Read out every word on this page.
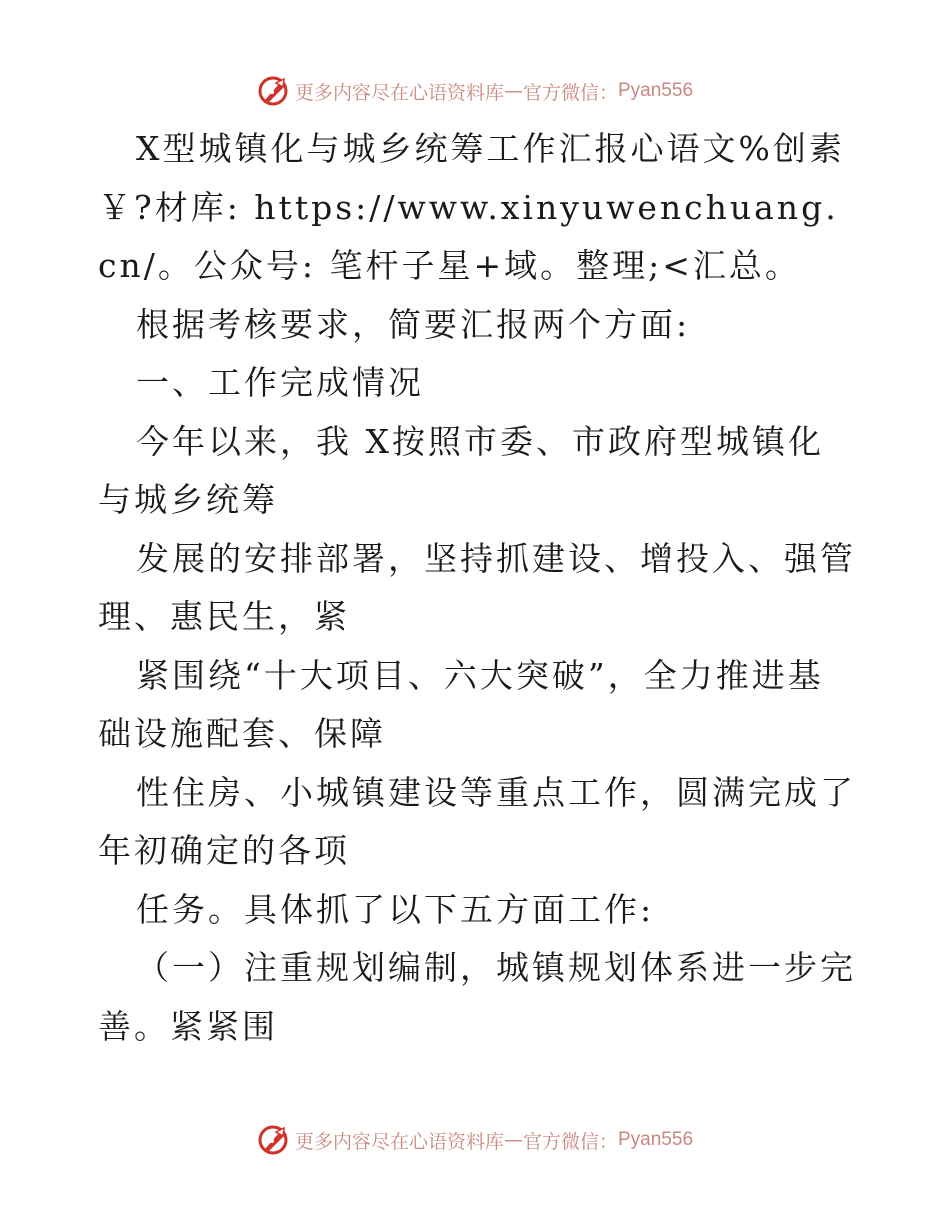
更多内容尽在心语资料库 — 官方微信： Pyan556

X型城镇化与城乡统筹工作汇报心语文%创素￥?材库: https://www.xinyuwenchuang.cn/。公众号: 笔杆子星+域。整理;<汇总。

根据考核要求，简要汇报两个方面:

一、工作完成情况

今年以来，我 X按照市委、市政府型城镇化与城乡统筹

发展的安排部署，坚持抓建设、增投入、强管理、惠民生，紧

紧围绕“十大项目、六大突破”，全力推进基础设施配套、保障

性住房、小城镇建设等重点工作，圆满完成了年初确定的各项

任务。具体抓了以下五方面工作:

（一）注重规划编制，城镇规划体系进一步完善。紧紧围

更多内容尽在心语资料库 — 官方微信： Pyan556
